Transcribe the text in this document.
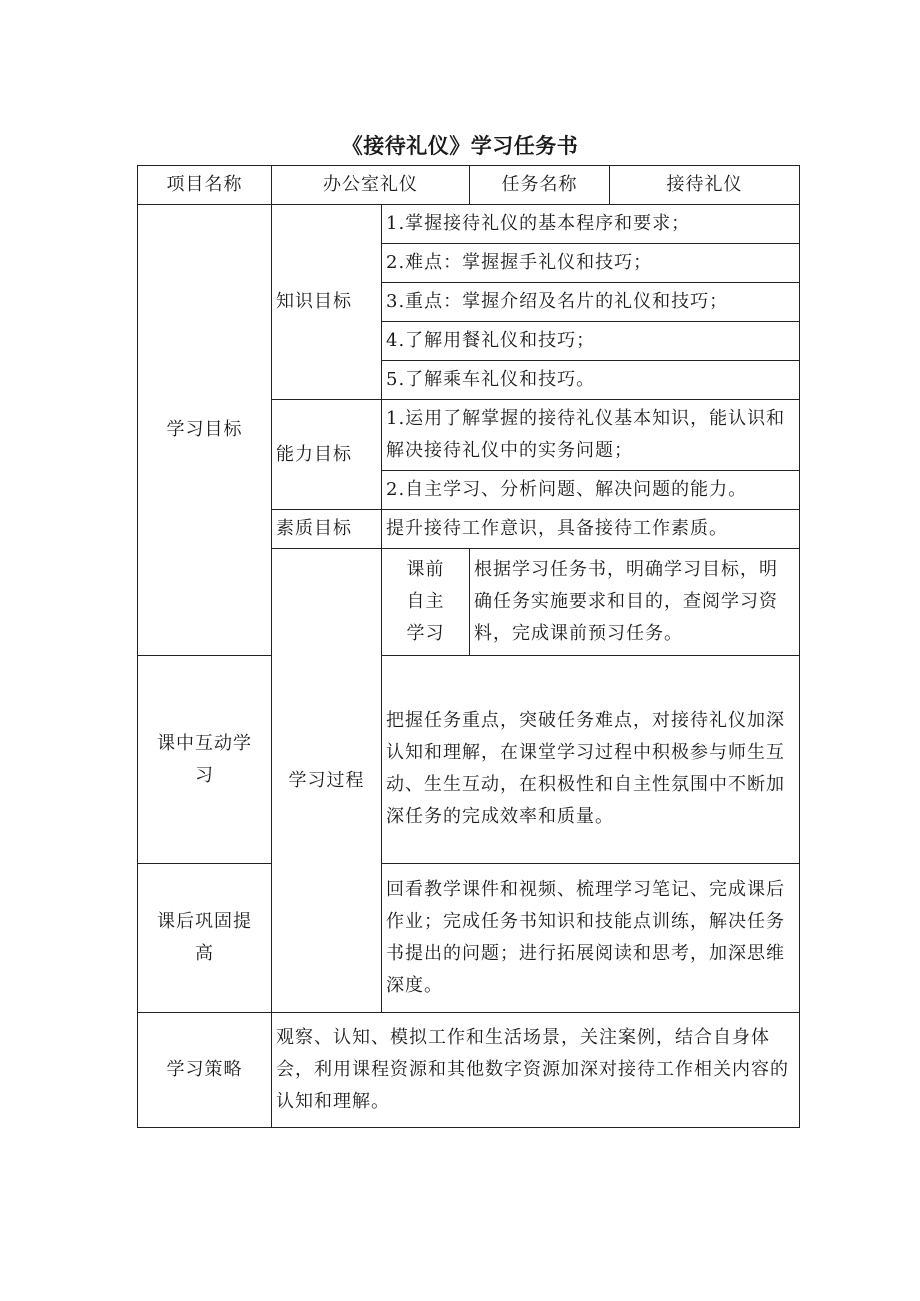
《接待礼仪》学习任务书
项目名称	办公室礼仪		任务名称	接待礼仪
学习目标	知识目标	1.掌握接待礼仪的基本程序和要求；		
		2.难点：掌握握手礼仪和技巧；		
		3.重点：掌握介绍及名片的礼仪和技巧；		
		4.了解用餐礼仪和技巧；		
		5.了解乘车礼仪和技巧。		
	能力目标	1.运用了解掌握的接待礼仪基本知识，能认识和解决接待礼仪中的实务问题；		
		2.自主学习、分析问题、解决问题的能力。		
	素质目标	提升接待工作意识，具备接待工作素质。		
	学习过程	课前自主学习	根据学习任务书，明确学习目标，明确任务实施要求和目的，查阅学习资料，完成课前预习任务。	
课中互动学习		把握任务重点，突破任务难点，对接待礼仪加深认知和理解，在课堂学习过程中积极参与师生互动、生生互动，在积极性和自主性氛围中不断加深任务的完成效率和质量。		
课后巩固提高		回看教学课件和视频、梳理学习笔记、完成课后作业；完成任务书知识和技能点训练，解决任务书提出的问题；进行拓展阅读和思考，加深思维深度。		
学习策略	观察、认知、模拟工作和生活场景，关注案例，结合自身体会，利用课程资源和其他数字资源加深对接待工作相关内容的认知和理解。			
